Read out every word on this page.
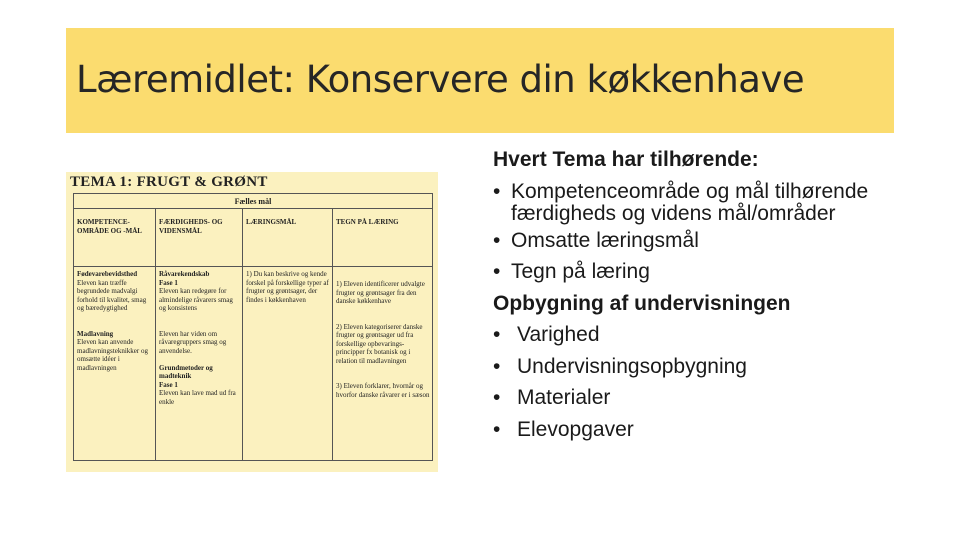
Læremidlet: Konservere din køkkenhave
TEMA 1: FRUGT & GRØNT
Fælles mål
KOMPETENCE-OMRÅDE OG -MÅL
FÆRDIGHEDS- OG VIDENSMÅL
LÆRINGSMÅL	TEGN PÅ LÆRING
Fødevarebevidsthed
Eleven kan træffe begrundede madvalgi forhold til kvalitet, smag og bæredygtighed

Madlavning
Eleven kan anvende madlavningsteknikker og omsætte idéer i madlavningen
Råvarekendskab
Fase 1
Eleven kan redegøre for almindelige råvarers smag og konsistens

Eleven har viden om råvaregruppers smag og anvendelse.

Grundmetoder og madteknik
Fase 1
Eleven kan lave mad ud fra enkle
1) Du kan beskrive og kende forskel på forskellige typer af frugter og grøntsager, der findes i køkkenhaven
1) Eleven identificerer udvalgte frugter og grøntsager fra den danske køkkenhave

2) Eleven kategoriserer danske frugter og grøntsager ud fra forskellige opbevarings-principper fx botanisk og i relation til madlavningen

3) Eleven forklarer, hvornår og hvorfor danske råvarer er i sæson
Hvert Tema har tilhørende:
• Kompetenceområde og mål tilhørende færdigheds og videns mål/områder
• Omsatte læringsmål
• Tegn på læring
Opbygning af undervisningen
• Varighed
• Undervisningsopbygning
• Materialer
• Elevopgaver
